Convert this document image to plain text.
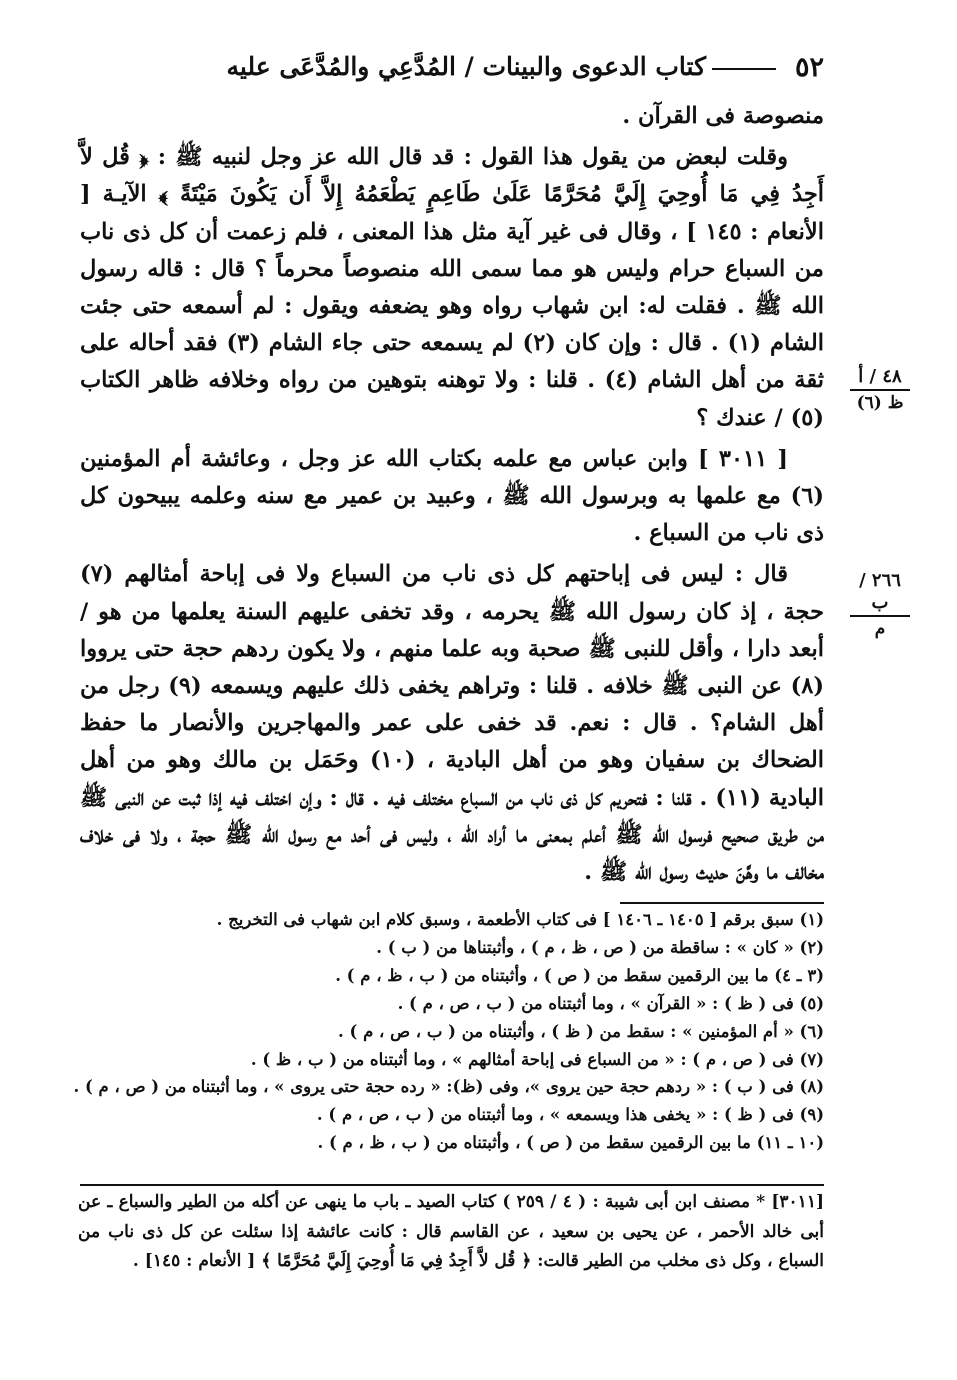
٥٢
كتاب الدعوى والبينات / المُدَّعِي والمُدَّعَى عليه

منصوصة فى القرآن .

وقلت لبعض من يقول هذا القول : قد قال الله عز وجل لنبيه ﷺ : ﴿ قُل لاَّ أَجِدُ فِي مَا أُوحِيَ إِلَيَّ مُحَرَّمًا عَلَىٰ طَاعِمٍ يَطْعَمُهُ إِلاَّ أَن يَكُونَ مَيْتَةً ﴾ الآيـة [ الأنعام : ١٤٥ ] ، وقال فى غير آية مثل هذا المعنى ، فلم زعمت أن كل ذى ناب من السباع حرام وليس هو مما سمى الله منصوصاً محرماً ؟ قال : قاله رسول الله ﷺ . فقلت له: ابن شهاب رواه وهو يضعفه ويقول : لم أسمعه حتى جئت الشام (١) . قال : وإن كان (٢) لم يسمعه حتى جاء الشام (٣) فقد أحاله على ثقة من أهل الشام (٤) . قلنا : ولا توهنه بتوهين من رواه وخلافه ظاهر الكتاب (٥) / عندك ؟

[ ٣٠١١ ] وابن عباس مع علمه بكتاب الله عز وجل ، وعائشة أم المؤمنين (٦) مع علمها به وبرسول الله ﷺ ، وعبيد بن عمير مع سنه وعلمه يبيحون كل ذى ناب من السباع .

قال : ليس فى إباحتهم كل ذى ناب من السباع ولا فى إباحة أمثالهم (٧) حجة ، إذ كان رسول الله ﷺ يحرمه ، وقد تخفى عليهم السنة يعلمها من هو / أبعد دارا ، وأقل للنبى ﷺ صحبة وبه علما منهم ، ولا يكون ردهم حجة حتى يرووا (٨) عن النبى ﷺ خلافه . قلنا : وتراهم يخفى ذلك عليهم ويسمعه (٩) رجل من أهل الشام؟ . قال : نعم. قد خفى على عمر والمهاجرين والأنصار ما حفظ الضحاك بن سفيان وهو من أهل البادية ، (١٠) وحَمَل بن مالك وهو من أهل البادية (١١) . قلنا : فتحريم كل ذى ناب من السباع مختلف فيه . قال : وإن اختلف فيه إذا ثبت عن النبى ﷺ من طريق صحيح فرسول الله ﷺ أعلم بمعنى ما أراد الله ، وليس فى أحد مع رسول الله ﷺ حجة ، ولا فى خلاف مخالف ما وهَّنَ حديث رسول الله ﷺ .

٤٨ / أ
ظ (٦)
٢٦٦ / ب
م
(١) سبق برقم [ ١٤٠٥ ـ ١٤٠٦ ] فى كتاب الأطعمة ، وسبق كلام ابن شهاب فى التخريج .
(٢) « كان » : ساقطة من ( ص ، ظ ، م ) ، وأثبتناها من ( ب ) .
(٣ ـ ٤) ما بين الرقمين سقط من ( ص ) ، وأثبتناه من ( ب ، ظ ، م ) .
(٥) فى ( ظ ) : « القرآن » ، وما أثبتناه من ( ب ، ص ، م ) .
(٦) « أم المؤمنين » : سقط من ( ظ ) ، وأثبتناه من ( ب ، ص ، م ) .
(٧) فى ( ص ، م ) : « من السباع فى إباحة أمثالهم » ، وما أثبتناه من ( ب ، ظ ) .
(٨) فى ( ب ) : « ردهم حجة حين يروى »، وفى (ظ): « رده حجة حتى يروى » ، وما أثبتناه من ( ص ، م ) .
(٩) فى ( ظ ) : « يخفى هذا ويسمعه » ، وما أثبتناه من ( ب ، ص ، م ) .
(١٠ ـ ١١) ما بين الرقمين سقط من ( ص ) ، وأثبتناه من ( ب ، ظ ، م ) .

[٣٠١١] * مصنف ابن أبى شيبة : ( ٤ / ٢٥٩ ) كتاب الصيد ـ باب ما ينهى عن أكله من الطير والسباع ـ عن أبى خالد الأحمر ، عن يحيى بن سعيد ، عن القاسم قال : كانت عائشة إذا سئلت عن كل ذى ناب من السباع ، وكل ذى مخلب من الطير قالت: ﴿ قُل لاَّ أَجِدُ فِي مَا أُوحِيَ إِلَيَّ مُحَرَّمًا ﴾ [ الأنعام : ١٤٥] .
